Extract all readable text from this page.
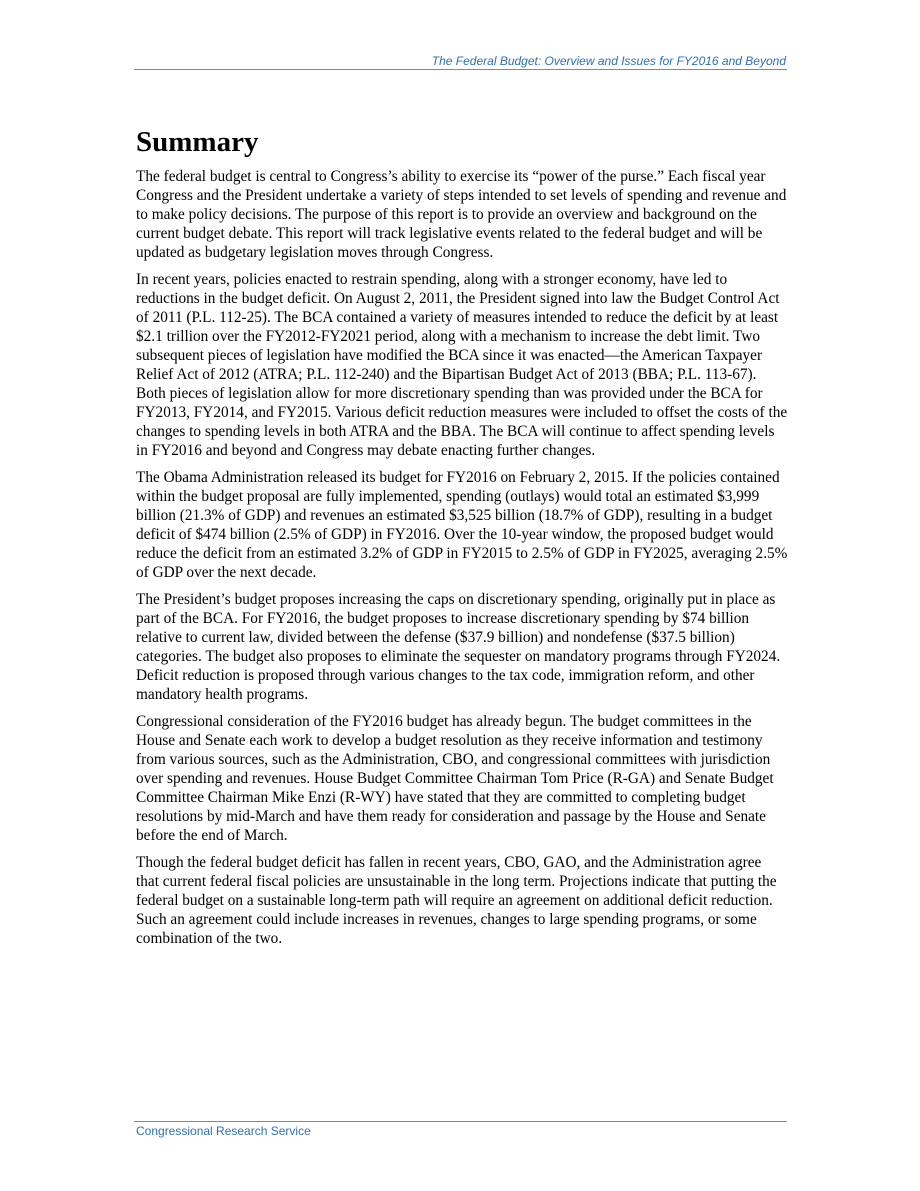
The Federal Budget: Overview and Issues for FY2016 and Beyond
Summary

The federal budget is central to Congress’s ability to exercise its “power of the purse.” Each fiscal year Congress and the President undertake a variety of steps intended to set levels of spending and revenue and to make policy decisions. The purpose of this report is to provide an overview and background on the current budget debate. This report will track legislative events related to the federal budget and will be updated as budgetary legislation moves through Congress.

In recent years, policies enacted to restrain spending, along with a stronger economy, have led to reductions in the budget deficit. On August 2, 2011, the President signed into law the Budget Control Act of 2011 (P.L. 112-25). The BCA contained a variety of measures intended to reduce the deficit by at least $2.1 trillion over the FY2012-FY2021 period, along with a mechanism to increase the debt limit. Two subsequent pieces of legislation have modified the BCA since it was enacted—the American Taxpayer Relief Act of 2012 (ATRA; P.L. 112-240) and the Bipartisan Budget Act of 2013 (BBA; P.L. 113-67). Both pieces of legislation allow for more discretionary spending than was provided under the BCA for FY2013, FY2014, and FY2015. Various deficit reduction measures were included to offset the costs of the changes to spending levels in both ATRA and the BBA. The BCA will continue to affect spending levels in FY2016 and beyond and Congress may debate enacting further changes.

The Obama Administration released its budget for FY2016 on February 2, 2015. If the policies contained within the budget proposal are fully implemented, spending (outlays) would total an estimated $3,999 billion (21.3% of GDP) and revenues an estimated $3,525 billion (18.7% of GDP), resulting in a budget deficit of $474 billion (2.5% of GDP) in FY2016. Over the 10-year window, the proposed budget would reduce the deficit from an estimated 3.2% of GDP in FY2015 to 2.5% of GDP in FY2025, averaging 2.5% of GDP over the next decade.

The President’s budget proposes increasing the caps on discretionary spending, originally put in place as part of the BCA. For FY2016, the budget proposes to increase discretionary spending by $74 billion relative to current law, divided between the defense ($37.9 billion) and nondefense ($37.5 billion) categories. The budget also proposes to eliminate the sequester on mandatory programs through FY2024. Deficit reduction is proposed through various changes to the tax code, immigration reform, and other mandatory health programs.

Congressional consideration of the FY2016 budget has already begun. The budget committees in the House and Senate each work to develop a budget resolution as they receive information and testimony from various sources, such as the Administration, CBO, and congressional committees with jurisdiction over spending and revenues. House Budget Committee Chairman Tom Price (R-GA) and Senate Budget Committee Chairman Mike Enzi (R-WY) have stated that they are committed to completing budget resolutions by mid-March and have them ready for consideration and passage by the House and Senate before the end of March.

Though the federal budget deficit has fallen in recent years, CBO, GAO, and the Administration agree that current federal fiscal policies are unsustainable in the long term. Projections indicate that putting the federal budget on a sustainable long-term path will require an agreement on additional deficit reduction. Such an agreement could include increases in revenues, changes to large spending programs, or some combination of the two.

Congressional Research Service
